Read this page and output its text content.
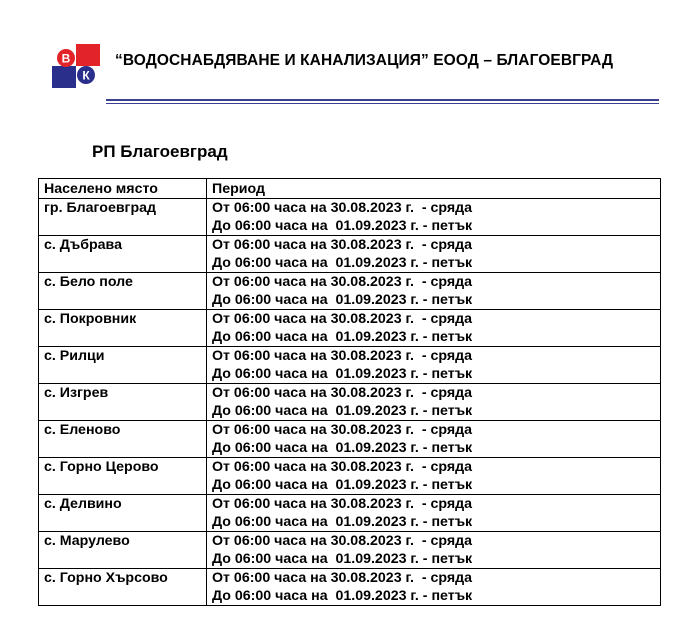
В
К
“ВОДОСНАБДЯВАНЕ И КАНАЛИЗАЦИЯ” ЕООД – БЛАГОЕВГРАД
РП Благоевград
Населено място	Период

гр. Благоевград	От 06:00 часа на 30.08.2023 г.  - сряда
До 06:00 часа на  01.09.2023 г. - петък

с. Дъбрава	От 06:00 часа на 30.08.2023 г.  - сряда
До 06:00 часа на  01.09.2023 г. - петък

с. Бело поле	От 06:00 часа на 30.08.2023 г.  - сряда
До 06:00 часа на  01.09.2023 г. - петък

с. Покровник	От 06:00 часа на 30.08.2023 г.  - сряда
До 06:00 часа на  01.09.2023 г. - петък

с. Рилци	От 06:00 часа на 30.08.2023 г.  - сряда
До 06:00 часа на  01.09.2023 г. - петък

с. Изгрев	От 06:00 часа на 30.08.2023 г.  - сряда
До 06:00 часа на  01.09.2023 г. - петък

с. Еленово	От 06:00 часа на 30.08.2023 г.  - сряда
До 06:00 часа на  01.09.2023 г. - петък

с. Горно Церово	От 06:00 часа на 30.08.2023 г.  - сряда
До 06:00 часа на  01.09.2023 г. - петък

с. Делвино	От 06:00 часа на 30.08.2023 г.  - сряда
До 06:00 часа на  01.09.2023 г. - петък

с. Марулево	От 06:00 часа на 30.08.2023 г.  - сряда
До 06:00 часа на  01.09.2023 г. - петък

с. Горно Хърсово	От 06:00 часа на 30.08.2023 г.  - сряда
До 06:00 часа на  01.09.2023 г. - петък
